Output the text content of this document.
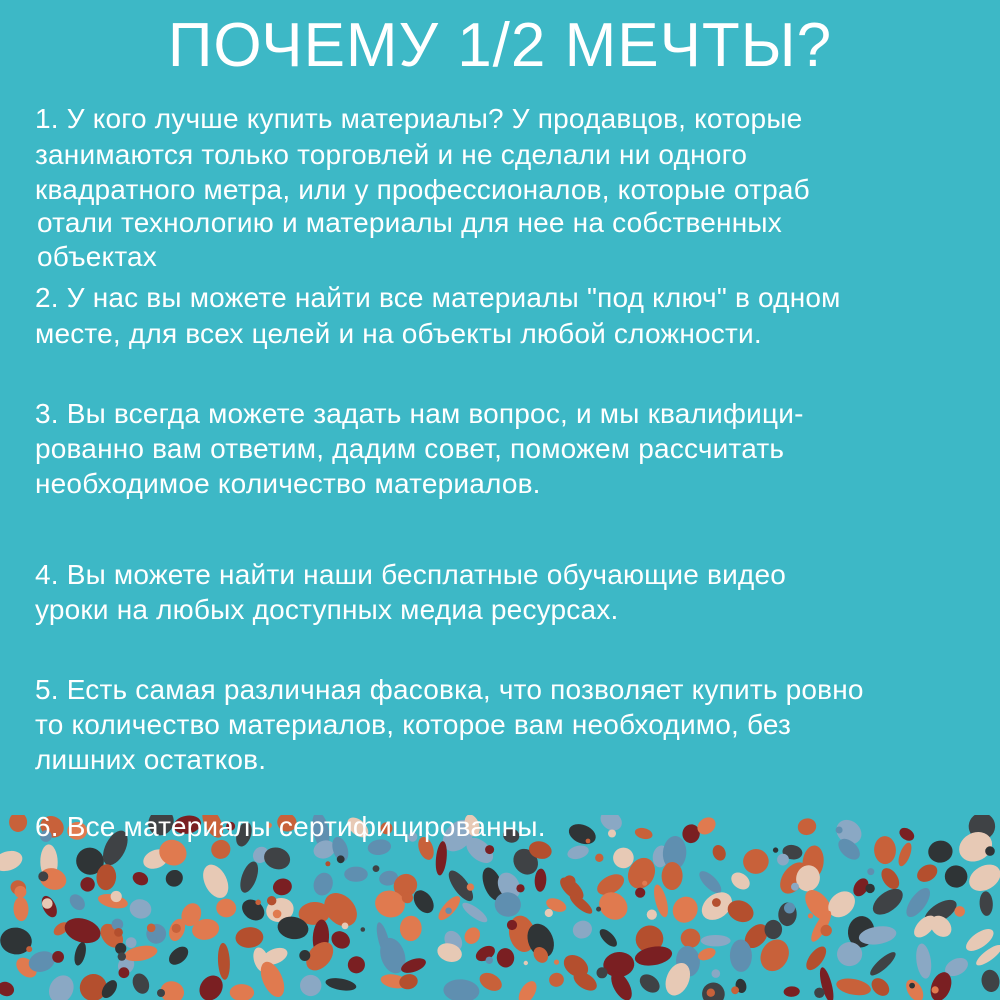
ПОЧЕМУ 1/2 МЕЧТЫ?
1. У кого лучше купить материалы? У продавцов, которые
занимаются только торговлей и не сделали ни одного
квадратного метра, или у профессионалов, которые отраб
отали технологию и материалы для нее на собственных
объектах
2. У нас вы можете найти все материалы "под ключ" в одном
месте, для всех целей и на объекты любой сложности.
3. Вы всегда можете задать нам вопрос, и мы квалифици-
рованно вам ответим, дадим совет, поможем рассчитать
необходимое количество материалов.
4. Вы можете найти наши бесплатные обучающие видео
уроки на любых доступных медиа ресурсах.
5. Есть самая различная фасовка, что позволяет купить ровно
то количество материалов, которое вам необходимо, без
лишних остатков.
6. Все материалы сертифицированны.
